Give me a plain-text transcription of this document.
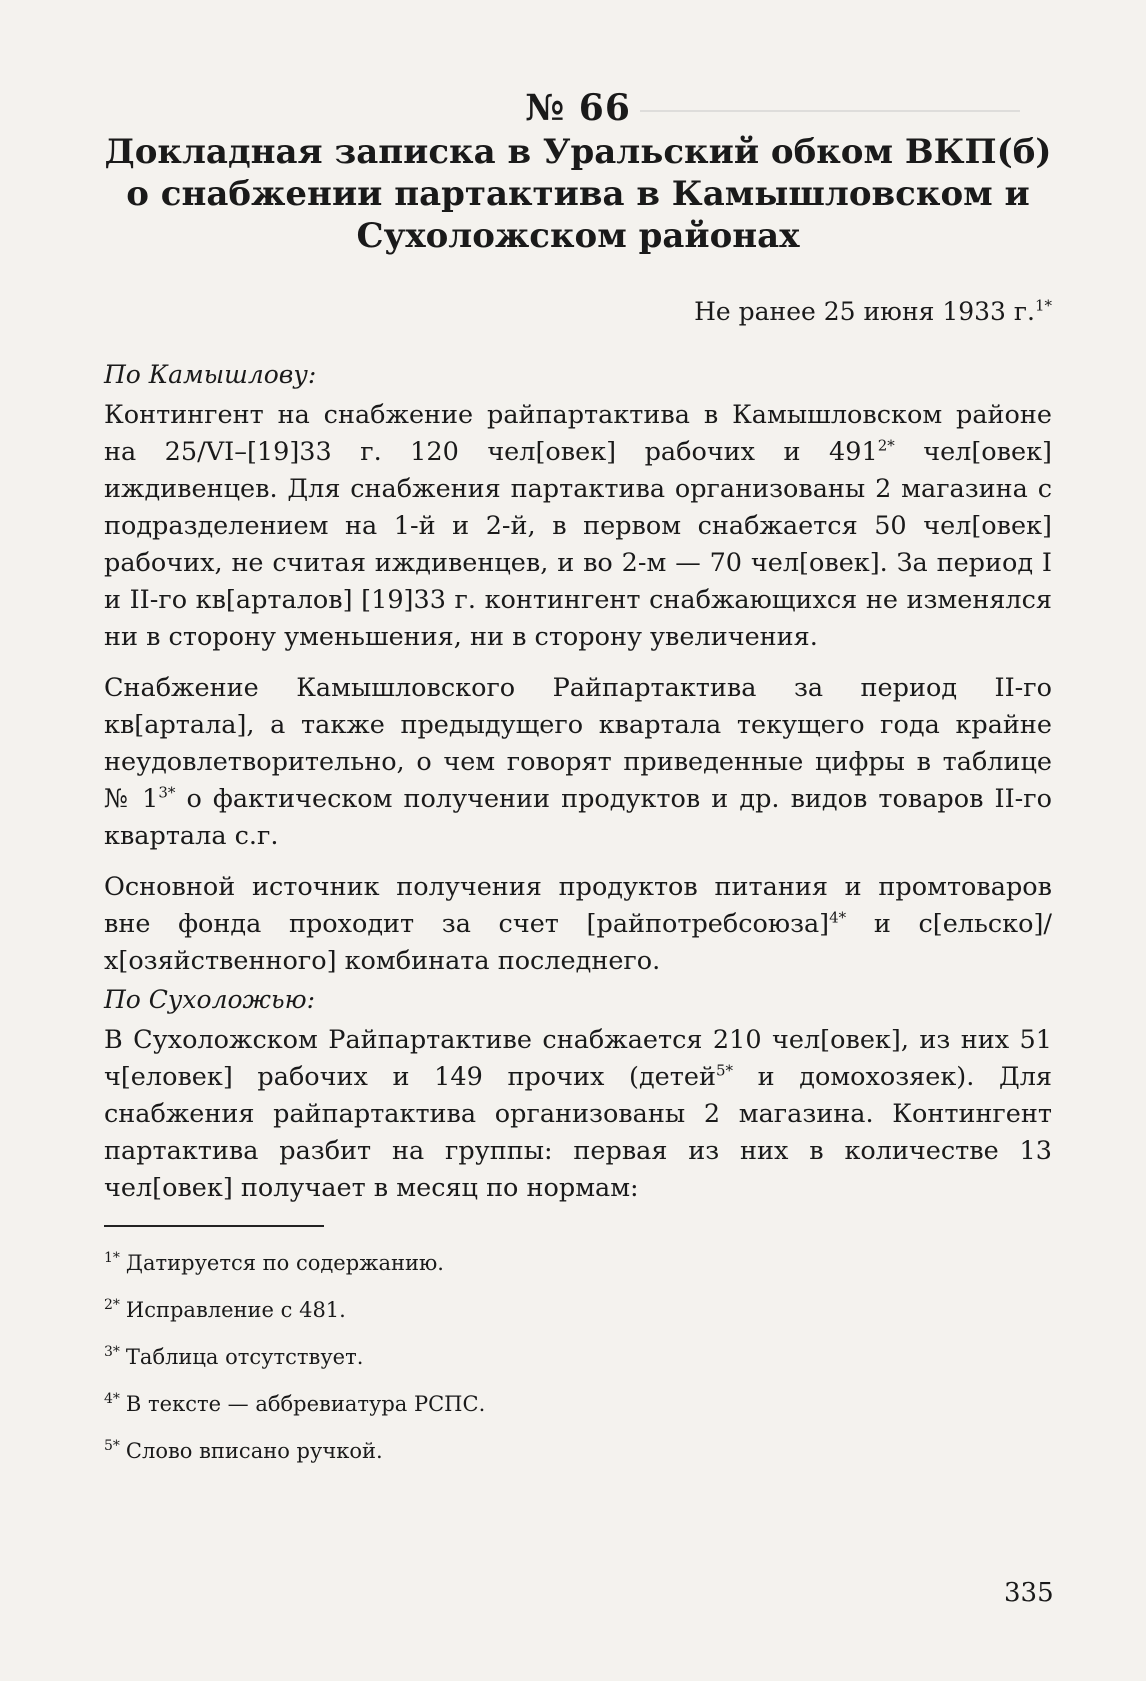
№ 66
Докладная записка в Уральский обком ВКП(б)
о снабжении партактива в Камышловском и
Сухоложском районах
Не ранее 25 июня 1933 г.$^{1*}$
По Камышлову:

Контингент на снабжение райпартактива в Камышловском районе на 25/VI–[19]33 г. 120 чел[овек] рабочих и $491^{2*}$ чел[овек] иждивенцев. Для снабжения партактива организованы 2 магазина с подразделением на 1-й и 2-й, в первом снабжается 50 чел[овек] рабочих, не считая иждивенцев, и во 2-м — 70 чел[овек]. За период I и II-го кв[арталов] [19]33 г. контингент снабжающихся не изменялся ни в сторону уменьшения, ни в сторону увеличения.

Снабжение Камышловского Райпартактива за период II-го кв[артала], а также предыдущего квартала текущего года крайне неудовлетворительно, о чем говорят приведенные цифры в таблице № $1^{3*}$ о фактическом получении продуктов и др. видов товаров II-го квартала с.г.

Основной источник получения продуктов питания и промтоваров вне фонда проходит за счет [райпотребсоюза]$^{4*}$ и с[ельско]/х[озяйственного] комбината последнего.

По Сухоложью:

В Сухоложском Райпартактиве снабжается 210 чел[овек], из них 51 ч[еловек] рабочих и 149 прочих (детей$^{5*}$ и домохозяек). Для снабжения райпартактива организованы 2 магазина. Контингент партактива разбит на группы: первая из них в количестве 13 чел[овек] получает в месяц по нормам:

$^{1*}$ Датируется по содержанию.
$^{2*}$ Исправление с 481.
$^{3*}$ Таблица отсутствует.
$^{4*}$ В тексте — аббревиатура РСПС.
$^{5*}$ Слово вписано ручкой.
335
